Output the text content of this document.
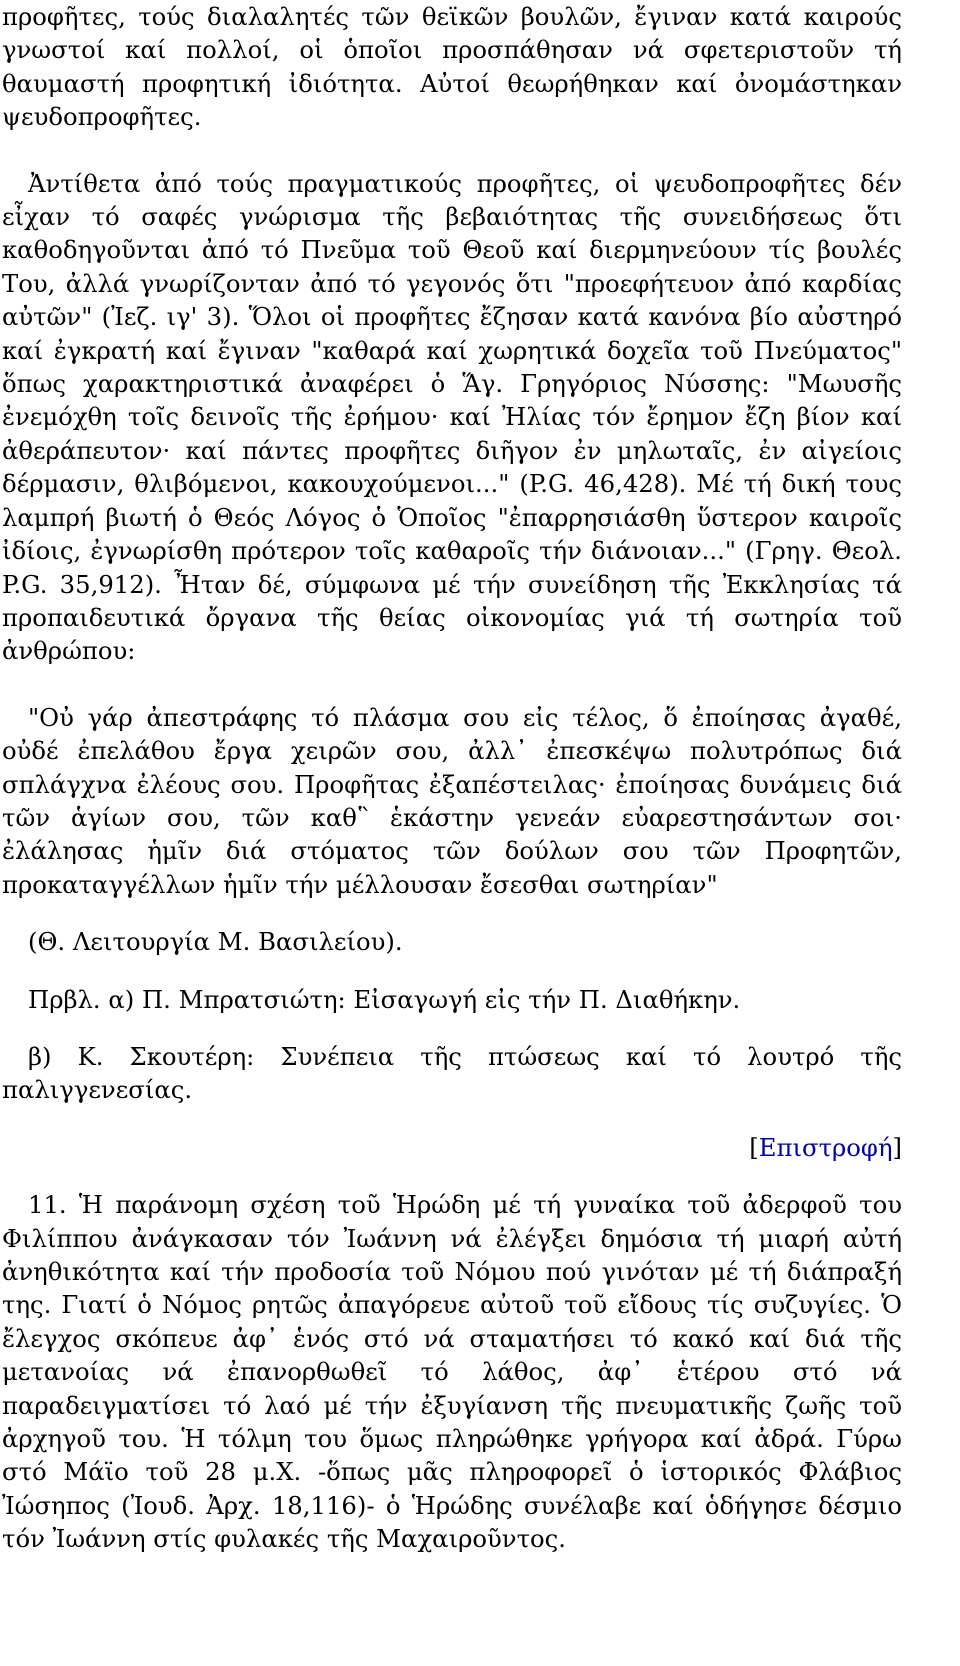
προφῆτες, τούς διαλαλητές τῶν θεϊκῶν βουλῶν, ἔγιναν κατά καιρούς γνωστοί καί πολλοί, οἱ ὁποῖοι προσπάθησαν νά σφετεριστοῦν τή θαυμαστή προφητική ἰδιότητα. Αὐτοί θεωρήθηκαν καί ὀνομάστηκαν ψευδοπροφῆτες.

Ἀντίθετα ἀπό τούς πραγματικούς προφῆτες, οἱ ψευδοπροφῆτες δέν εἶχαν τό σαφές γνώρισμα τῆς βεβαιότητας τῆς συνειδήσεως ὅτι καθοδηγοῦνται ἀπό τό Πνεῦμα τοῦ Θεοῦ καί διερμηνεύουν τίς βουλές Του, ἀλλά γνωρίζονταν ἀπό τό γεγονός ὅτι "προεφήτευον ἀπό καρδίας αὐτῶν" (Ἰεζ. ιγ' 3). Ὅλοι οἱ προφῆτες ἔζησαν κατά κανόνα βίο αὐστηρό καί ἐγκρατή καί ἔγιναν "καθαρά καί χωρητικά δοχεῖα τοῦ Πνεύματος" ὅπως χαρακτηριστικά ἀναφέρει ὁ Ἅγ. Γρηγόριος Νύσσης: "Μωυσῆς ἐνεμόχθη τοῖς δεινοῖς τῆς ἐρήμου· καί Ἠλίας τόν ἔρημον ἔζη βίον καί ἀθεράπευτον· καί πάντες προφῆτες διῆγον ἐν μηλωταῖς, ἐν αἰγείοις δέρμασιν, θλιβόμενοι, κακουχούμενοι..." (P.G. 46,428). Μέ τή δική τους λαμπρή βιωτή ὁ Θεός Λόγος ὁ Ὁποῖος "ἐπαρρησιάσθη ὕστερον καιροῖς ἰδίοις, ἐγνωρίσθη πρότερον τοῖς καθαροῖς τήν διάνοιαν..." (Γρηγ. Θεολ. P.G. 35,912). Ἦταν δέ, σύμφωνα μέ τήν συνείδηση τῆς Ἐκκλησίας τά προπαιδευτικά ὄργανα τῆς θείας οἰκονομίας γιά τή σωτηρία τοῦ ἀνθρώπου:

"Οὐ γάρ ἀπεστράφης τό πλάσμα σου εἰς τέλος, ὅ ἐποίησας ἀγαθέ, οὐδέ ἐπελάθου ἔργα χειρῶν σου, ἀλλ᾽ ἐπεσκέψω πολυτρόπως διά σπλάγχνα ἐλέους σου. Προφῆτας ἐξαπέστειλας· ἐποίησας δυνάμεις διά τῶν ἁγίων σου, τῶν καθ῝ ἑκάστην γενεάν εὐαρεστησάντων σοι· ἐλάλησας ἡμῖν διά στόματος τῶν δούλων σου τῶν Προφητῶν, προκαταγγέλλων ἡμῖν τήν μέλλουσαν ἔσεσθαι σωτηρίαν"

(Θ. Λειτουργία Μ. Βασιλείου).

Πρβλ. α) Π. Μπρατσιώτη: Εἰσαγωγή εἰς τήν Π. Διαθήκην.

β) Κ. Σκουτέρη: Συνέπεια τῆς πτώσεως καί τό λουτρό τῆς παλιγγενεσίας.

[Επιστροφή]

11. Ἡ παράνομη σχέση τοῦ Ἡρώδη μέ τή γυναίκα τοῦ ἀδερφοῦ του Φιλίππου ἀνάγκασαν τόν Ἰωάννη νά ἐλέγξει δημόσια τή μιαρή αὐτή ἀνηθικότητα καί τήν προδοσία τοῦ Νόμου πού γινόταν μέ τή διάπραξή της. Γιατί ὁ Νόμος ρητῶς ἀπαγόρευε αὐτοῦ τοῦ εἴδους τίς συζυγίες. Ὁ ἔλεγχος σκόπευε ἀφ᾽ ἑνός στό νά σταματήσει τό κακό καί διά τῆς μετανοίας νά ἐπανορθωθεῖ τό λάθος, ἀφ᾽ ἑτέρου στό νά παραδειγματίσει τό λαό μέ τήν ἐξυγίανση τῆς πνευματικῆς ζωῆς τοῦ ἀρχηγοῦ του. Ἡ τόλμη του ὅμως πληρώθηκε γρήγορα καί ἀδρά. Γύρω στό Μάϊο τοῦ 28 μ.Χ. -ὅπως μᾶς πληροφορεῖ ὁ ἱστορικός Φλάβιος Ἰώσηπος (Ἰουδ. Ἀρχ. 18,116)- ὁ Ἡρώδης συνέλαβε καί ὁδήγησε δέσμιο τόν Ἰωάννη στίς φυλακές τῆς Μαχαιροῦντος.
